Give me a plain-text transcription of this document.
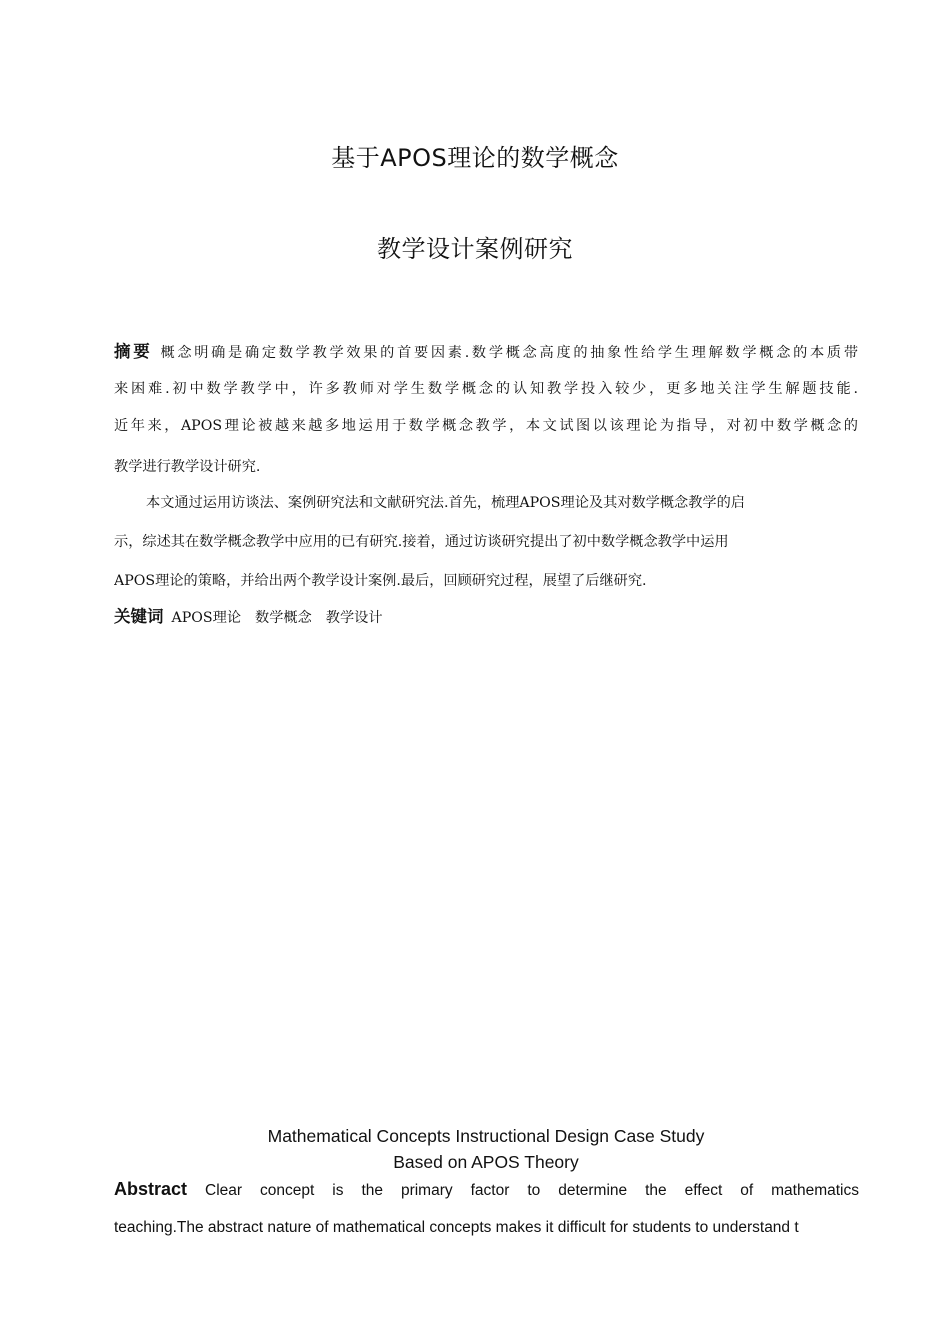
基于APOS理论的数学概念
教学设计案例研究
摘要 概念明确是确定数学教学效果的首要因素.数学概念高度的抽象性给学生理解数学概念的本质带
来困难.初中数学教学中，许多教师对学生数学概念的认知教学投入较少，更多地关注学生解题技能.
近年来，APOS理论被越来越多地运用于数学概念教学，本文试图以该理论为指导，对初中数学概念的
教学进行教学设计研究.
本文通过运用访谈法、案例研究法和文献研究法.首先，梳理APOS理论及其对数学概念教学的启
示，综述其在数学概念教学中应用的已有研究.接着，通过访谈研究提出了初中数学概念教学中运用
APOS理论的策略，并给出两个教学设计案例.最后，回顾研究过程，展望了后继研究.
关键词 APOS理论 数学概念 教学设计
Mathematical Concepts Instructional Design Case Study
Based on APOS Theory
Abstract Clear concept is the primary factor to determine the effect of mathematics
teaching.The abstract nature of mathematical concepts makes it difficult for students to understand t
